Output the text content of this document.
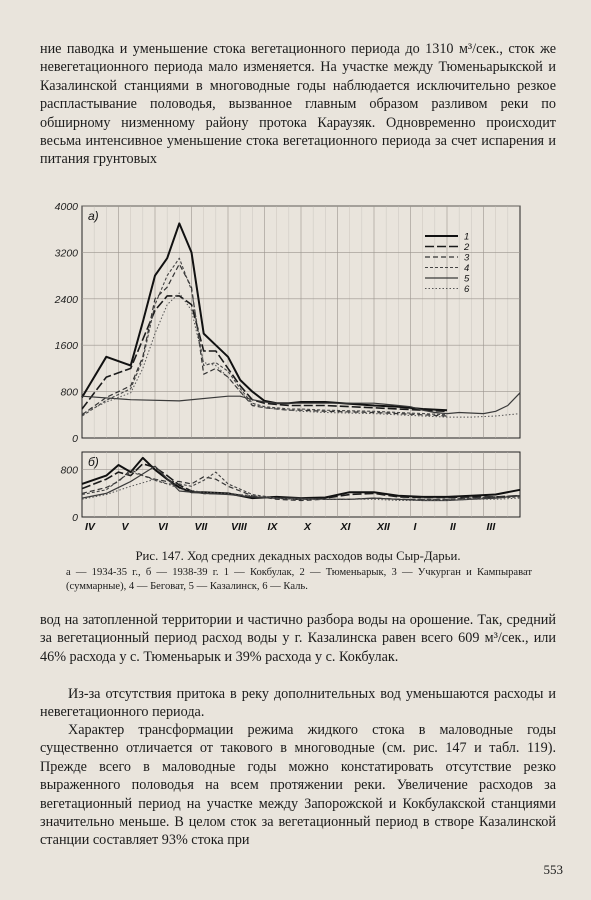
ние паводка и уменьшение стока вегетационного периода до 1310 м³/сек., сток же невегетационного периода мало изменяется. На участке между Тюменьарыкской и Казалинской станциями в многоводные годы наблюдается исключительно резкое распластывание половодья, вызванное главным образом разливом реки по обширному низменному району протока Караузяк. Одновременно происходит весьма интенсивное уменьшение стока вегетационного периода за счет испарения и питания грунтовых

0
800
1600
2400
3200
4000
а)
1
2
3
4
5
6
0
800
б)
IV	V	VI	VII VIII IX	X	XI	XII I	II	III
Рис. 147. Ход средних декадных расходов воды Сыр-Дарьи.
а — 1934-35 г., б — 1938-39 г. 1 — Кокбулак, 2 — Тюменьарык, 3 — Учкурган и Кампырават (суммарные), 4 — Беговат, 5 — Казалинск, 6 — Каль.

вод на затопленной территории и частично разбора воды на орошение. Так, средний за вегетационный период расход воды у г. Казалинска равен всего 609 м³/сек., или 46% расхода у с. Тюменьарык и 39% расхода у с. Кокбулак.

Из-за отсутствия притока в реку дополнительных вод уменьшаются расходы и невегетационного периода.

Характер трансформации режима жидкого стока в маловодные годы существенно отличается от такового в многоводные (см. рис. 147 и табл. 119). Прежде всего в маловодные годы можно констатировать отсутствие резко выраженного половодья на всем протяжении реки. Увеличение расходов за вегетационный период на участке между Запорожской и Кокбулакской станциями значительно меньше. В целом сток за вегетационный период в створе Казалинской станции составляет 93% стока при

553
